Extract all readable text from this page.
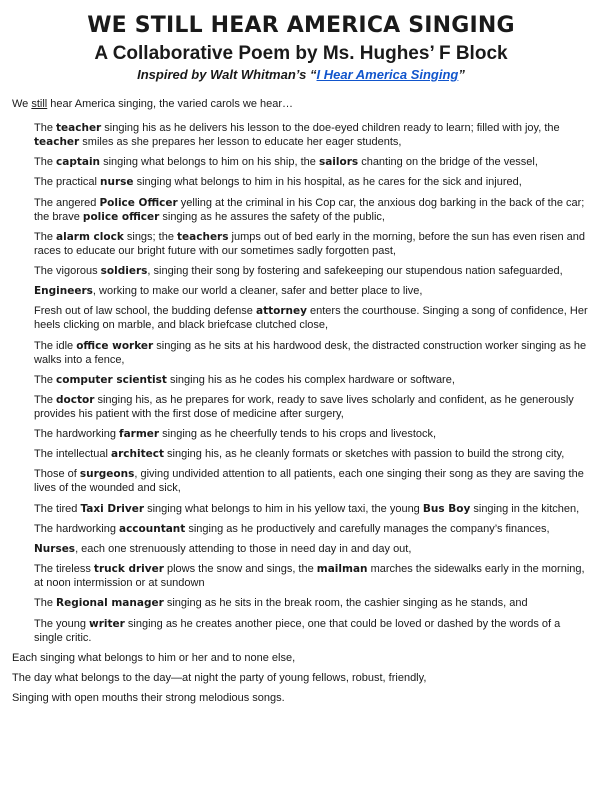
WE STILL HEAR AMERICA SINGING
A Collaborative Poem by Ms. Hughes’ F Block

Inspired by Walt Whitman’s “I Hear America Singing”

We still hear America singing, the varied carols we hear…

The teacher singing his as he delivers his lesson to the doe-eyed children ready to learn; filled with joy, the teacher smiles as she prepares her lesson to educate her eager students,
The captain singing what belongs to him on his ship, the sailors chanting on the bridge of the vessel,
The practical nurse singing what belongs to him in his hospital, as he cares for the sick and injured,
The angered Police Officer yelling at the criminal in his Cop car, the anxious dog barking in the back of the car; the brave police officer singing as he assures the safety of the public,
The alarm clock sings; the teachers jumps out of bed early in the morning, before the sun has even risen and races to educate our bright future with our sometimes sadly forgotten past,
The vigorous soldiers, singing their song by fostering and safekeeping our stupendous nation safeguarded,
Engineers, working to make our world a cleaner, safer and better place to live,
Fresh out of law school, the budding defense attorney enters the courthouse. Singing a song of confidence, Her heels clicking on marble, and black briefcase clutched close,
The idle office worker singing as he sits at his hardwood desk, the distracted construction worker singing as he walks into a fence,
The computer scientist singing his as he codes his complex hardware or software,
The doctor singing his, as he prepares for work, ready to save lives scholarly and confident, as he generously provides his patient with the first dose of medicine after surgery,
The hardworking farmer singing as he cheerfully tends to his crops and livestock,
The intellectual architect singing his, as he cleanly formats or sketches with passion to build the strong city,
Those of surgeons, giving undivided attention to all patients, each one singing their song as they are saving the lives of the wounded and sick,
The tired Taxi Driver singing what belongs to him in his yellow taxi, the young Bus Boy singing in the kitchen,
The hardworking accountant singing as he productively and carefully manages the company’s finances,
Nurses, each one strenuously attending to those in need day in and day out,
The tireless truck driver plows the snow and sings, the mailman marches the sidewalks early in the morning, at noon intermission or at sundown
The Regional manager singing as he sits in the break room, the cashier singing as he stands, and
The young writer singing as he creates another piece, one that could be loved or dashed by the words of a single critic.
Each singing what belongs to him or her and to none else,
The day what belongs to the day—at night the party of young fellows, robust, friendly,
Singing with open mouths their strong melodious songs.
